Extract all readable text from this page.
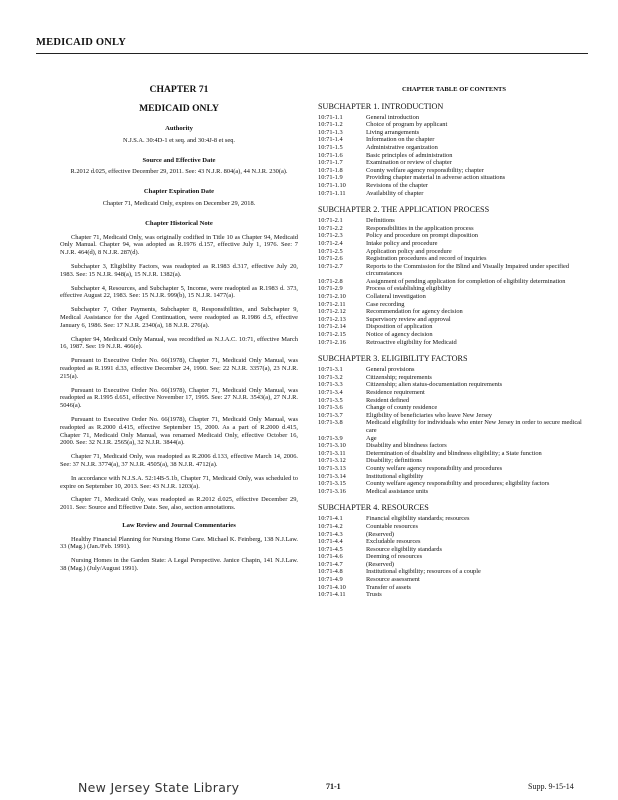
MEDICAID ONLY
CHAPTER 71
MEDICAID ONLY

Authority

N.J.S.A. 30:4D-1 et seq. and 30:4J-8 et seq.

Source and Effective Date

R.2012 d.025, effective December 29, 2011. See: 43 N.J.R. 804(a), 44 N.J.R. 230(a).

Chapter Expiration Date

Chapter 71, Medicaid Only, expires on December 29, 2018.

Chapter Historical Note

Chapter 71, Medicaid Only, was originally codified in Title 10 as Chapter 94, Medicaid Only Manual. Chapter 94, was adopted as R.1976 d.157, effective July 1, 1976. See: 7 N.J.R. 464(d), 8 N.J.R. 287(d).

Subchapter 3, Eligibility Factors, was readopted as R.1983 d.317, effective July 20, 1983. See: 15 N.J.R. 948(a), 15 N.J.R. 1382(a).

Subchapter 4, Resources, and Subchapter 5, Income, were readopted as R.1983 d. 373, effective August 22, 1983. See: 15 N.J.R. 999(b), 15 N.J.R. 1477(a).

Subchapter 7, Other Payments, Subchapter 8, Responsibilities, and Subchapter 9, Medical Assistance for the Aged Continuation, were readopted as R.1986 d.5, effective January 6, 1986. See: 17 N.J.R. 2340(a), 18 N.J.R. 276(a).

Chapter 94, Medicaid Only Manual, was recodified as N.J.A.C. 10:71, effective March 16, 1987. See: 19 N.J.R. 466(e).

Pursuant to Executive Order No. 66(1978), Chapter 71, Medicaid Only Manual, was readopted as R.1991 d.33, effective December 24, 1990. See: 22 N.J.R. 3357(a), 23 N.J.R. 215(a).

Pursuant to Executive Order No. 66(1978), Chapter 71, Medicaid Only Manual, was readopted as R.1995 d.651, effective November 17, 1995. See: 27 N.J.R. 3543(a), 27 N.J.R. 5046(a).

Pursuant to Executive Order No. 66(1978), Chapter 71, Medicaid Only Manual, was readopted as R.2000 d.415, effective September 15, 2000. As a part of R.2000 d.415, Chapter 71, Medicaid Only Manual, was renamed Medicaid Only, effective October 16, 2000. See: 32 N.J.R. 2565(a), 32 N.J.R. 3844(a).

Chapter 71, Medicaid Only, was readopted as R.2006 d.133, effective March 14, 2006. See: 37 N.J.R. 3774(a), 37 N.J.R. 4505(a), 38 N.J.R. 4712(a).

In accordance with N.J.S.A. 52:14B-5.1b, Chapter 71, Medicaid Only, was scheduled to expire on September 10, 2013. See: 43 N.J.R. 1203(a).

Chapter 71, Medicaid Only, was readopted as R.2012 d.025, effective December 29, 2011. See: Source and Effective Date. See, also, section annotations.

Law Review and Journal Commentaries

Healthy Financial Planning for Nursing Home Care. Michael K. Feinberg, 138 N.J.Law. 33 (Mag.) (Jan./Feb. 1991).

Nursing Homes in the Garden State: A Legal Perspective. Janice Chapin, 141 N.J.Law. 38 (Mag.) (July/August 1991).

CHAPTER TABLE OF CONTENTS
SUBCHAPTER 1. INTRODUCTION
10:71-1.1	General introduction
10:71-1.2	Choice of program by applicant
10:71-1.3	Living arrangements
10:71-1.4	Information on the chapter
10:71-1.5	Administrative organization
10:71-1.6	Basic principles of administration
10:71-1.7	Examination or review of chapter
10:71-1.8	County welfare agency responsibility; chapter
10:71-1.9	Providing chapter material in adverse action situations
10:71-1.10	Revisions of the chapter
10:71-1.11	Availability of chapter
SUBCHAPTER 2. THE APPLICATION PROCESS
10:71-2.1	Definitions
10:71-2.2	Responsibilities in the application process
10:71-2.3	Policy and procedure on prompt disposition
10:71-2.4	Intake policy and procedure
10:71-2.5	Application policy and procedure
10:71-2.6	Registration procedures and record of inquiries
10:71-2.7	Reports to the Commission for the Blind and Visually Impaired under specified circumstances
10:71-2.8	Assignment of pending application for completion of eligibility determination
10:71-2.9	Process of establishing eligibility
10:71-2.10	Collateral investigation
10:71-2.11	Case recording
10:71-2.12	Recommendation for agency decision
10:71-2.13	Supervisory review and approval
10:71-2.14	Disposition of application
10:71-2.15	Notice of agency decision
10:71-2.16	Retroactive eligibility for Medicaid
SUBCHAPTER 3. ELIGIBILITY FACTORS
10:71-3.1	General provisions
10:71-3.2	Citizenship; requirements
10:71-3.3	Citizenship; alien status-documentation requirements
10:71-3.4	Residence requirement
10:71-3.5	Resident defined
10:71-3.6	Change of county residence
10:71-3.7	Eligibility of beneficiaries who leave New Jersey
10:71-3.8	Medicaid eligibility for individuals who enter New Jersey in order to secure medical care
10:71-3.9	Age
10:71-3.10	Disability and blindness factors
10:71-3.11	Determination of disability and blindness eligibility; a State function
10:71-3.12	Disability; definitions
10:71-3.13	County welfare agency responsibility and procedures
10:71-3.14	Institutional eligibility
10:71-3.15	County welfare agency responsibility and procedures; eligibility factors
10:71-3.16	Medical assistance units
SUBCHAPTER 4. RESOURCES
10:71-4.1	Financial eligibility standards; resources
10:71-4.2	Countable resources
10:71-4.3	(Reserved)
10:71-4.4	Excludable resources
10:71-4.5	Resource eligibility standards
10:71-4.6	Deeming of resources
10:71-4.7	(Reserved)
10:71-4.8	Institutional eligibility; resources of a couple
10:71-4.9	Resource assessment
10:71-4.10	Transfer of assets
10:71-4.11	Trusts
New Jersey State Library	71-1	Supp. 9-15-14
